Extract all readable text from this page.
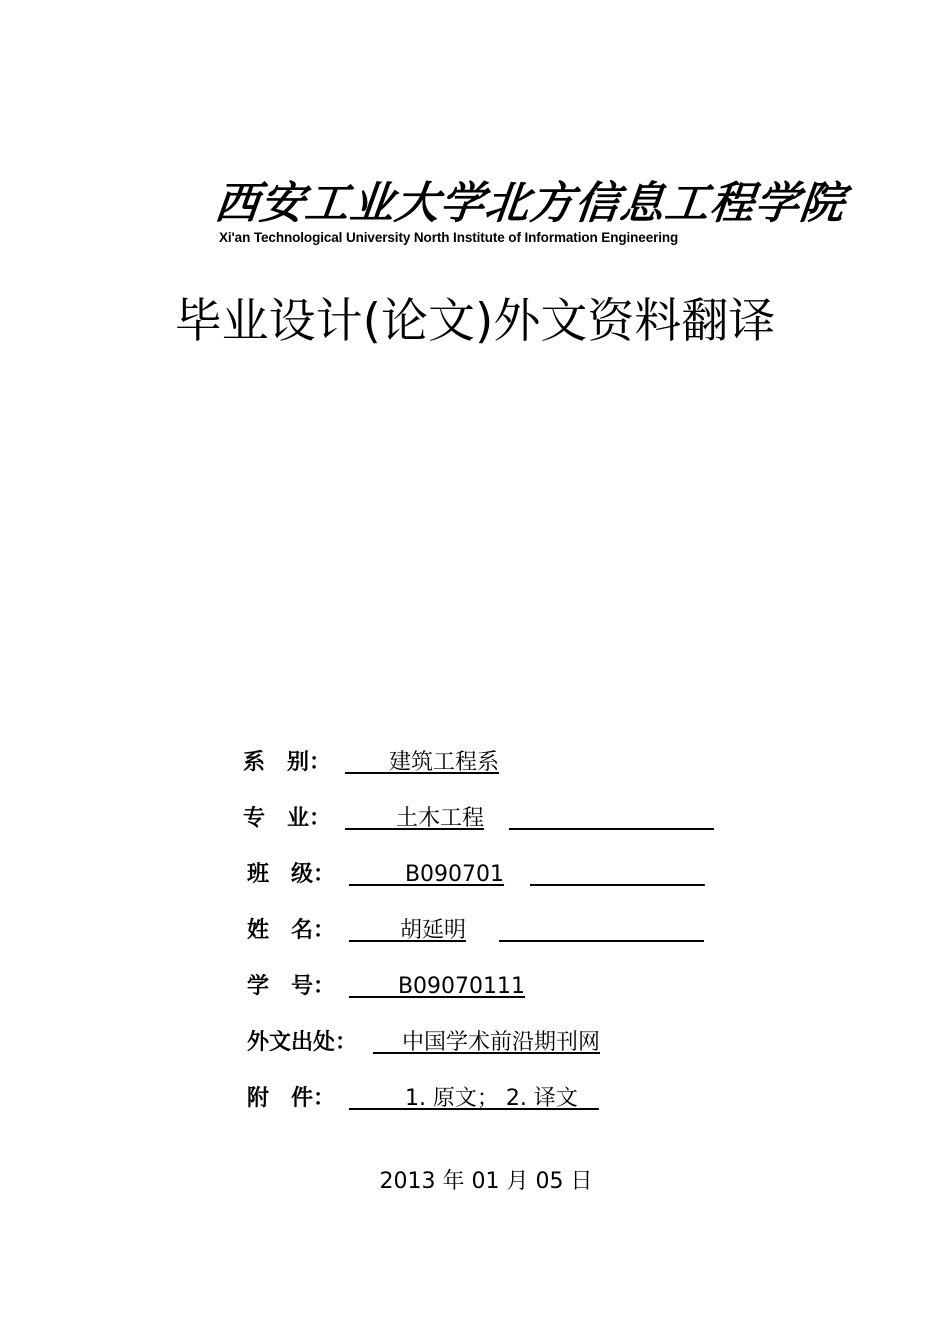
西安工业大学北方信息工程学院
Xi'an Technological University North Institute of Information Engineering
毕业设计(论文)外文资料翻译
系　别： 　　建筑工程系
专　业： 　　 土木工程

班　级： B090701

姓　名： 　　 胡延明

学　号： B09070111
外文出处： 　 中国学术前沿期刊网
附　件： 1. 原文； 2. 译文
2013 年 01 月 05 日
